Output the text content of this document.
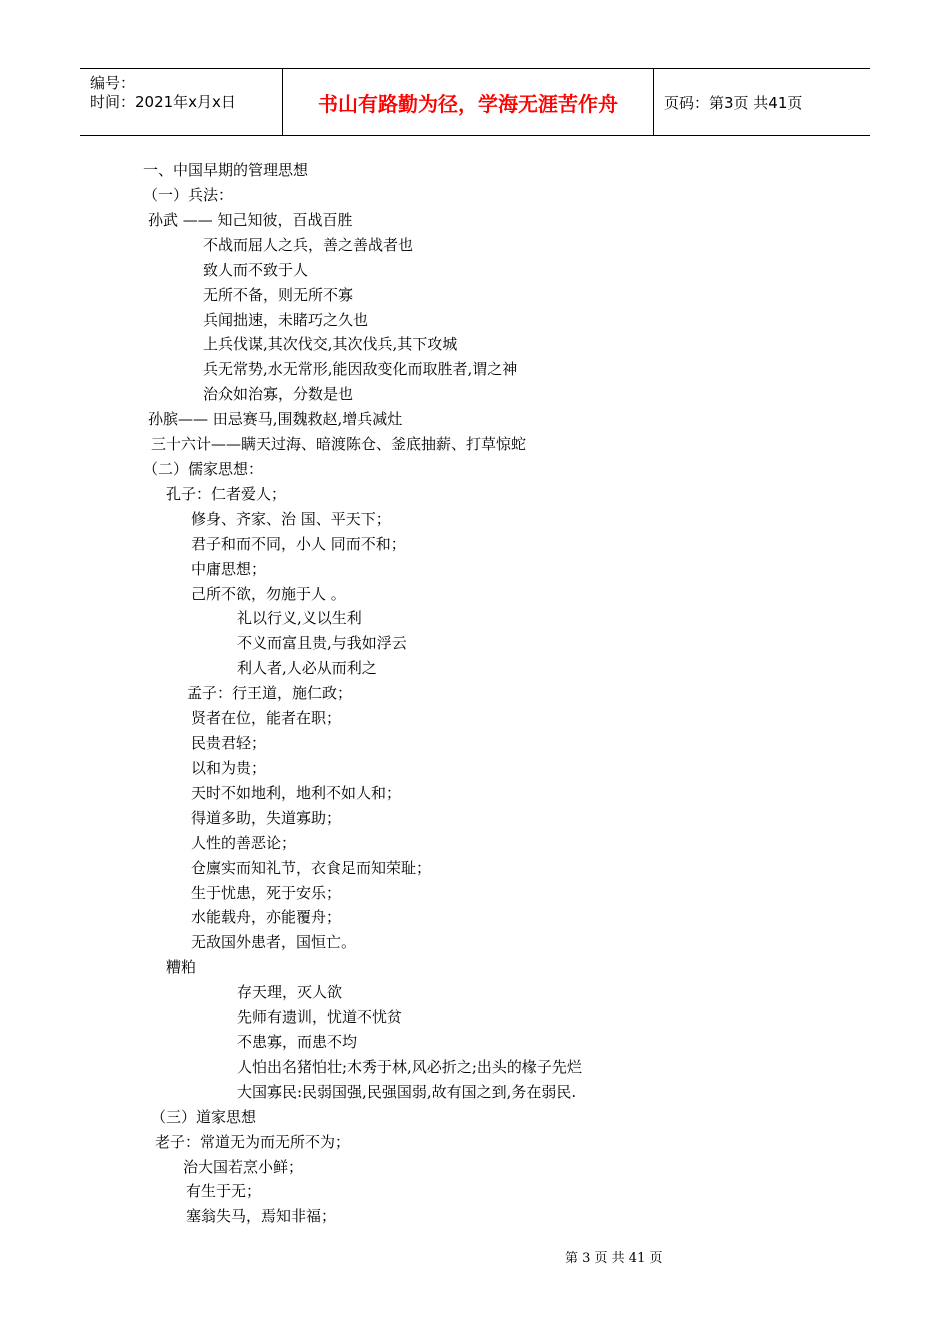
编号：
时间：2021年x月x日	书山有路勤为径，学海无涯苦作舟	页码：第3页 共41页
一、中国早期的管理思想
（一）兵法：
孙武 —— 知己知彼，百战百胜
不战而屈人之兵，善之善战者也
致人而不致于人
无所不备，则无所不寡
兵闻拙速，未睹巧之久也
上兵伐谋,其次伐交,其次伐兵,其下攻城
兵无常势,水无常形,能因敌变化而取胜者,谓之神
治众如治寡，分数是也
孙膑—— 田忌赛马,围魏救赵,增兵减灶
三十六计——瞒天过海、暗渡陈仓、釜底抽薪、打草惊蛇
（二）儒家思想：
孔子：仁者爱人；
修身、齐家、治 国、平天下；
君子和而不同，小人 同而不和；
中庸思想；
己所不欲，勿施于人 。
礼以行义,义以生利
不义而富且贵,与我如浮云
利人者,人必从而利之
孟子：行王道，施仁政；
贤者在位，能者在职；
民贵君轻；
以和为贵；
天时不如地利，地利不如人和；
得道多助，失道寡助；
人性的善恶论；
仓廪实而知礼节，衣食足而知荣耻；
生于忧患，死于安乐；
水能载舟，亦能覆舟；
无敌国外患者，国恒亡。
糟粕
存天理，灭人欲
先师有遗训，忧道不忧贫
不患寡，而患不均
人怕出名猪怕壮;木秀于林,风必折之;出头的椽子先烂
大国寡民:民弱国强,民强国弱,故有国之到,务在弱民.
（三）道家思想
老子：常道无为而无所不为；
治大国若烹小鲜；
有生于无；
塞翁失马，焉知非福；
第 3 页 共 41 页
